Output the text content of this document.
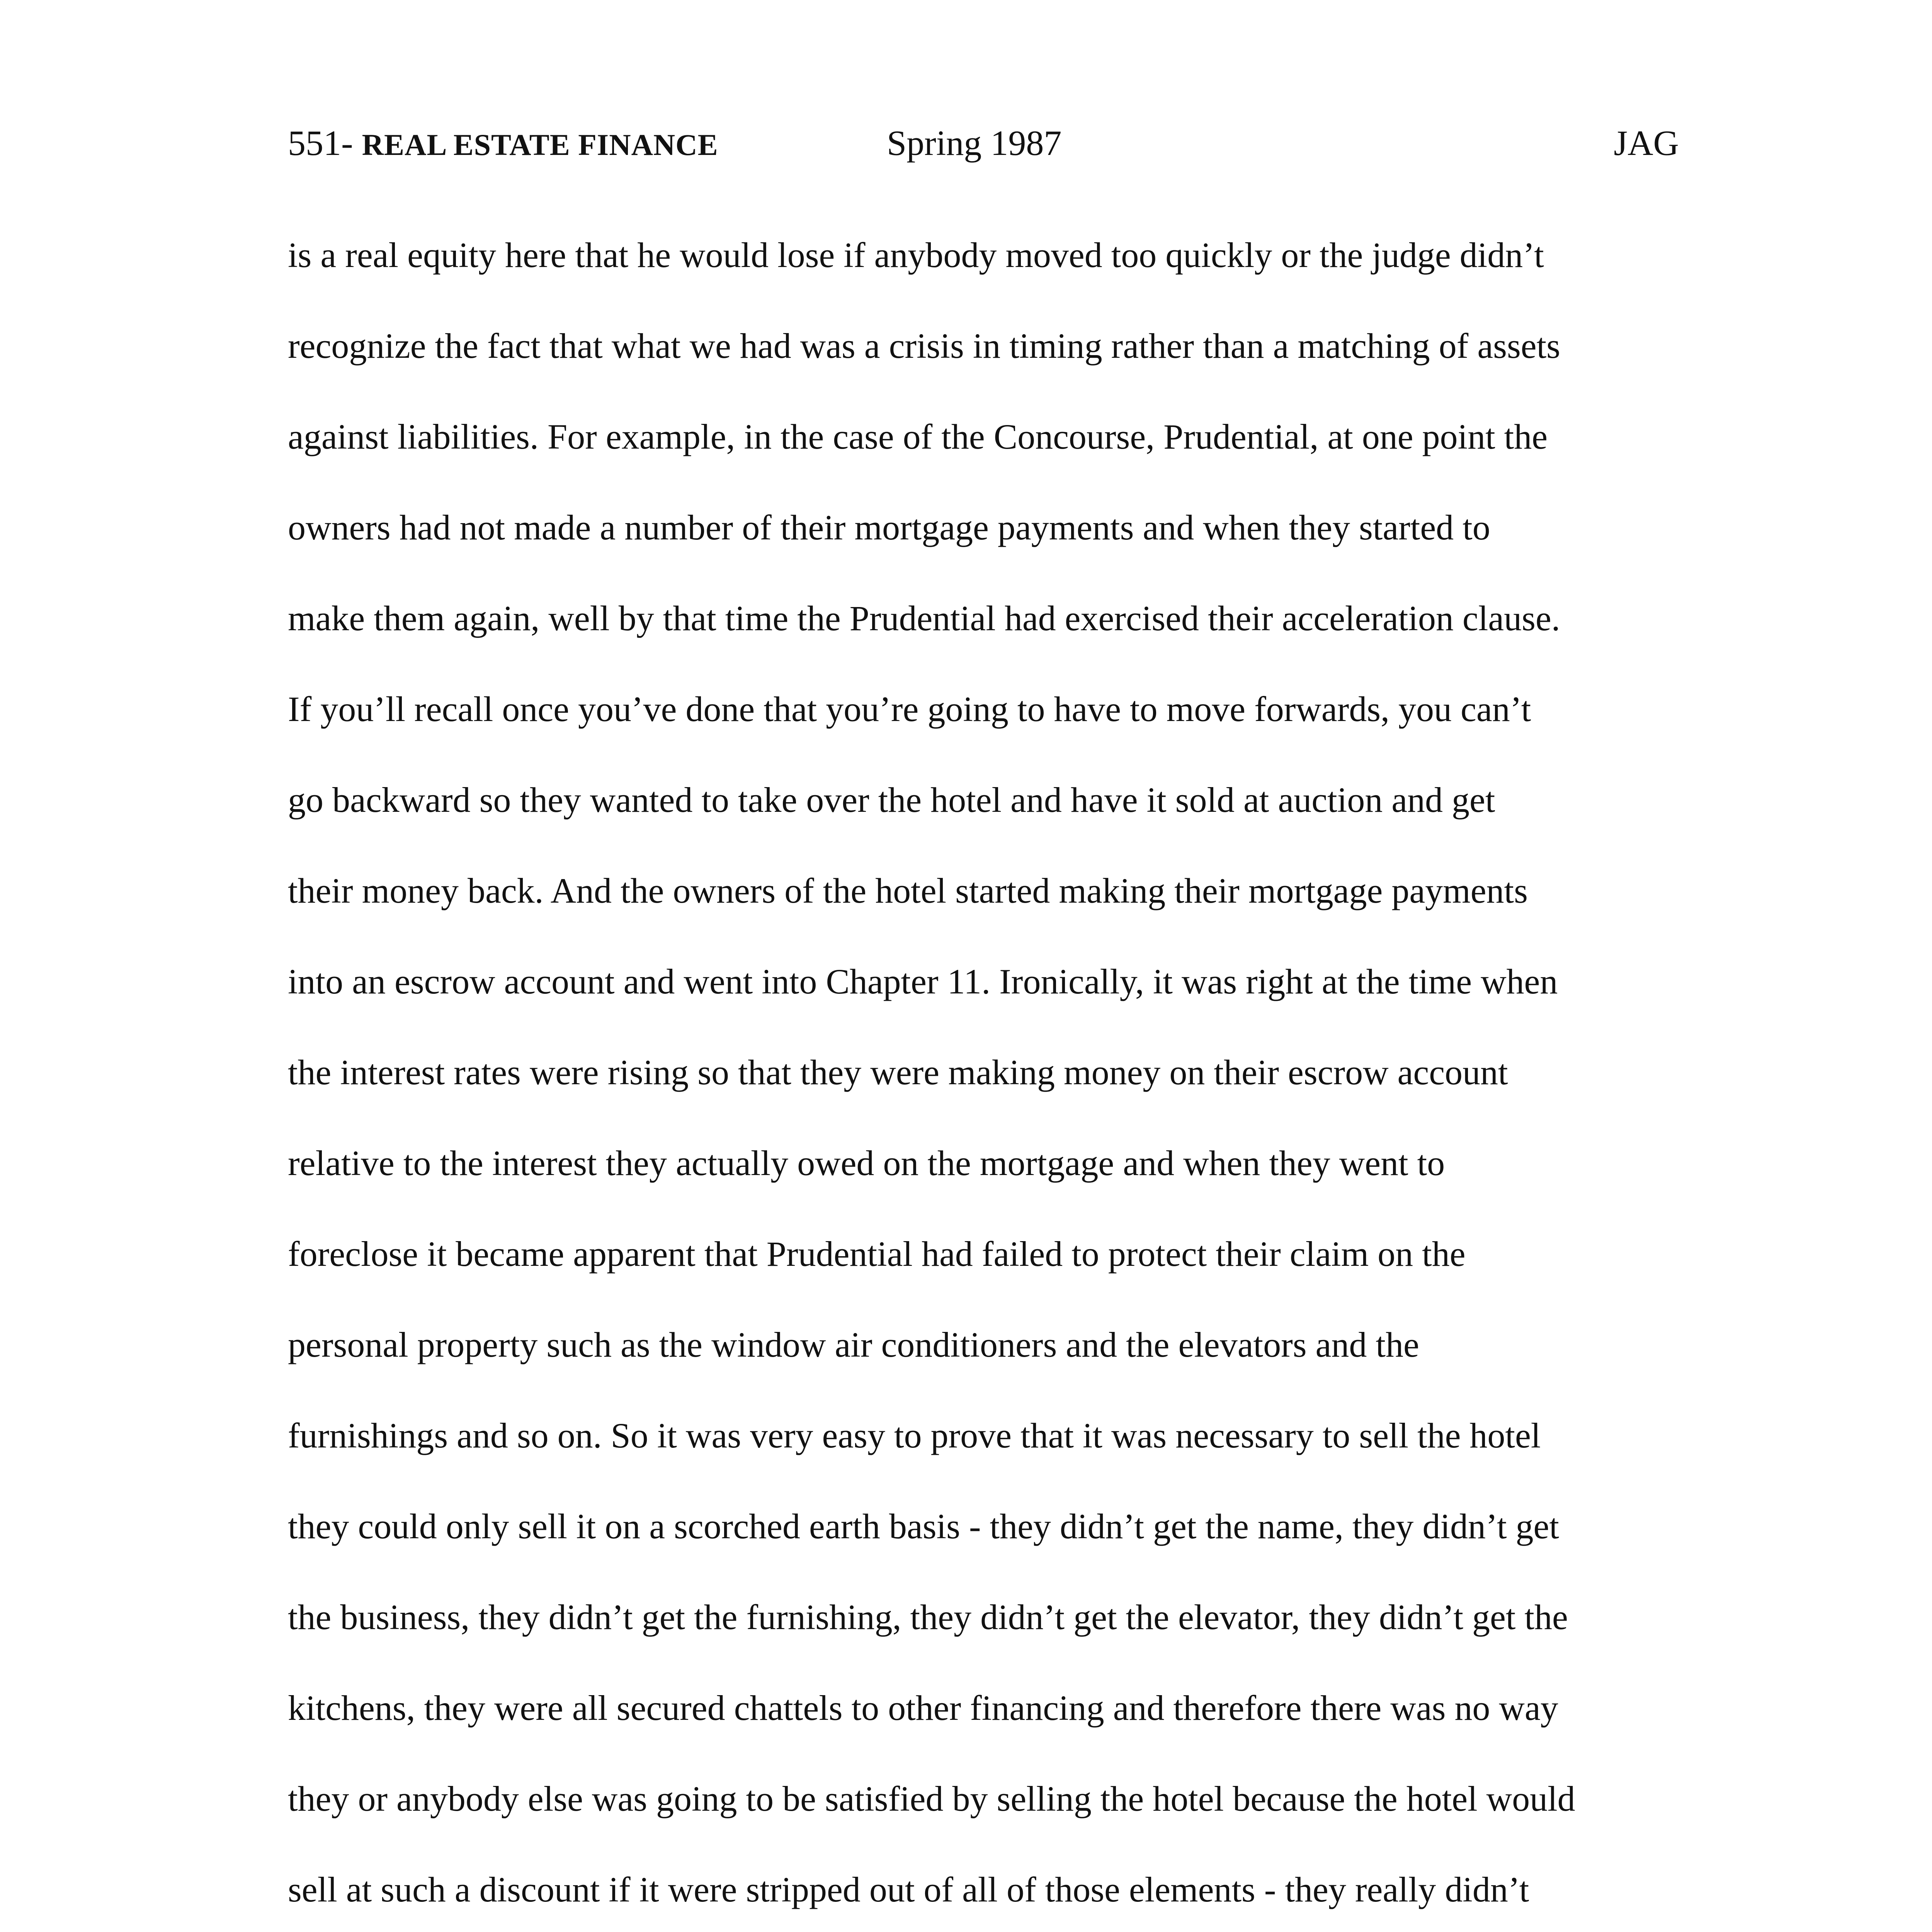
551- REAL ESTATE FINANCE	Spring 1987	JAG
is a real equity here that he would lose if anybody moved too quickly or the judge didn’t
recognize the fact that what we had was a crisis in timing rather than a matching of assets
against liabilities. For example, in the case of the Concourse, Prudential, at one point the
owners had not made a number of their mortgage payments and when they started to
make them again, well by that time the Prudential had exercised their acceleration clause.
If you’ll recall once you’ve done that you’re going to have to move forwards, you can’t
go backward so they wanted to take over the hotel and have it sold at auction and get
their money back. And the owners of the hotel started making their mortgage payments
into an escrow account and went into Chapter 11. Ironically, it was right at the time when
the interest rates were rising so that they were making money on their escrow account
relative to the interest they actually owed on the mortgage and when they went to
foreclose it became apparent that Prudential had failed to protect their claim on the
personal property such as the window air conditioners and the elevators and the
furnishings and so on. So it was very easy to prove that it was necessary to sell the hotel
they could only sell it on a scorched earth basis - they didn’t get the name, they didn’t get
the business, they didn’t get the furnishing, they didn’t get the elevator, they didn’t get the
kitchens, they were all secured chattels to other financing and therefore there was no way
they or anybody else was going to be satisfied by selling the hotel because the hotel would
sell at such a discount if it were stripped out of all of those elements - they really didn’t
